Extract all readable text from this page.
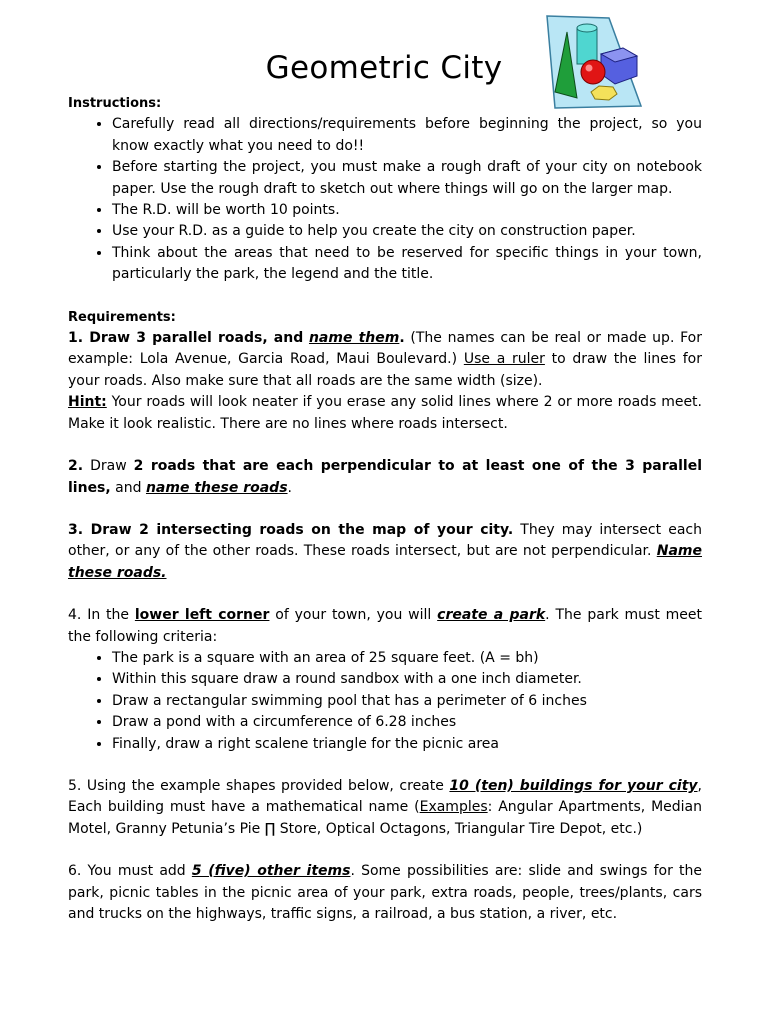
Geometric City

Instructions:

• Carefully read all directions/requirements before beginning the project, so you know exactly what you need to do!!
• Before starting the project, you must make a rough draft of your city on notebook paper. Use the rough draft to sketch out where things will go on the larger map.
• The R.D. will be worth 10 points.
• Use your R.D. as a guide to help you create the city on construction paper.
• Think about the areas that need to be reserved for specific things in your town, particularly the park, the legend and the title.

Requirements:

1. Draw 3 parallel roads, and name them. (The names can be real or made up. For example: Lola Avenue, Garcia Road, Maui Boulevard.) Use a ruler to draw the lines for your roads. Also make sure that all roads are the same width (size).

Hint: Your roads will look neater if you erase any solid lines where 2 or more roads meet. Make it look realistic. There are no lines where roads intersect.

2. Draw 2 roads that are each perpendicular to at least one of the 3 parallel lines, and name these roads.

3. Draw 2 intersecting roads on the map of your city. They may intersect each other, or any of the other roads. These roads intersect, but are not perpendicular. Name these roads.

4. In the lower left corner of your town, you will create a park. The park must meet the following criteria:

• The park is a square with an area of 25 square feet. (A = bh)
• Within this square draw a round sandbox with a one inch diameter.
• Draw a rectangular swimming pool that has a perimeter of 6 inches
• Draw a pond with a circumference of 6.28 inches
• Finally, draw a right scalene triangle for the picnic area

5. Using the example shapes provided below, create 10 (ten) buildings for your city, Each building must have a mathematical name (Examples: Angular Apartments, Median Motel, Granny Petunia’s Pie ∏ Store, Optical Octagons, Triangular Tire Depot, etc.)

6. You must add 5 (five) other items. Some possibilities are: slide and swings for the park, picnic tables in the picnic area of your park, extra roads, people, trees/plants, cars and trucks on the highways, traffic signs, a railroad, a bus station, a river, etc.
